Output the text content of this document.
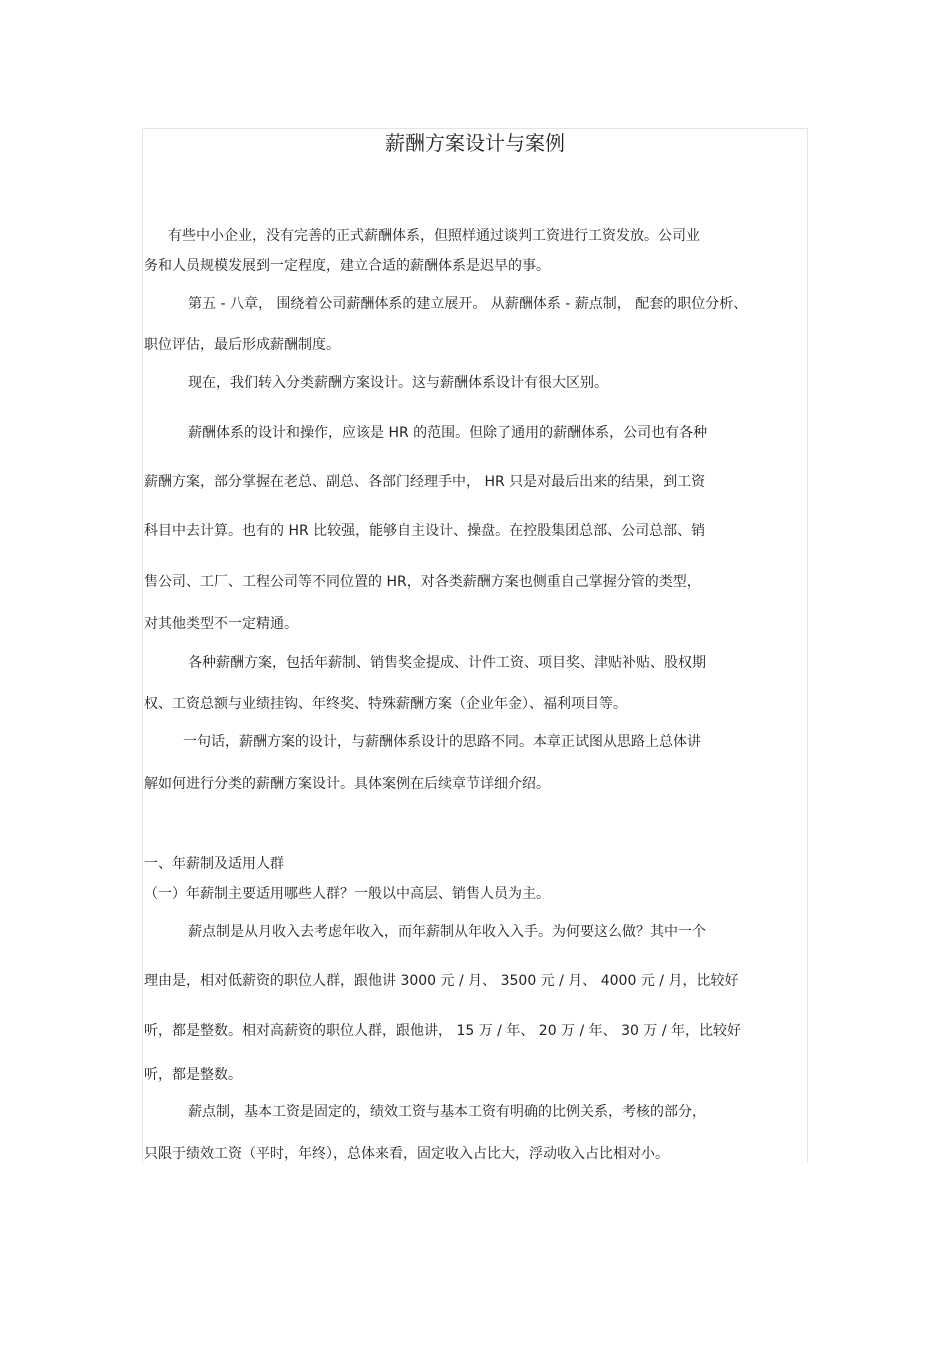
薪酬方案设计与案例
有些中小企业，没有完善的正式薪酬体系，但照样通过谈判工资进行工资发放。公司业
务和人员规模发展到一定程度，建立合适的薪酬体系是迟早的事。
第五 - 八章， 围绕着公司薪酬体系的建立展开。 从薪酬体系 - 薪点制， 配套的职位分析、
职位评估，最后形成薪酬制度。
现在，我们转入分类薪酬方案设计。这与薪酬体系设计有很大区别。
薪酬体系的设计和操作，应该是 HR 的范围。但除了通用的薪酬体系，公司也有各种
薪酬方案，部分掌握在老总、副总、各部门经理手中， HR 只是对最后出来的结果，到工资
科目中去计算。也有的 HR 比较强，能够自主设计、操盘。在控股集团总部、公司总部、销
售公司、工厂、工程公司等不同位置的 HR，对各类薪酬方案也侧重自己掌握分管的类型，
对其他类型不一定精通。
各种薪酬方案，包括年薪制、销售奖金提成、计件工资、项目奖、津贴补贴、股权期
权、工资总额与业绩挂钩、年终奖、特殊薪酬方案（企业年金）、福利项目等。
一句话，薪酬方案的设计，与薪酬体系设计的思路不同。本章正试图从思路上总体讲
解如何进行分类的薪酬方案设计。具体案例在后续章节详细介绍。
一、年薪制及适用人群
（一）年薪制主要适用哪些人群？一般以中高层、销售人员为主。
薪点制是从月收入去考虑年收入，而年薪制从年收入入手。为何要这么做？其中一个
理由是，相对低薪资的职位人群，跟他讲 3000 元 / 月、 3500 元 / 月、 4000 元 / 月，比较好
听，都是整数。相对高薪资的职位人群，跟他讲， 15 万 / 年、 20 万 / 年、 30 万 / 年，比较好
听，都是整数。
薪点制，基本工资是固定的，绩效工资与基本工资有明确的比例关系，考核的部分，
只限于绩效工资（平时，年终），总体来看，固定收入占比大，浮动收入占比相对小。
